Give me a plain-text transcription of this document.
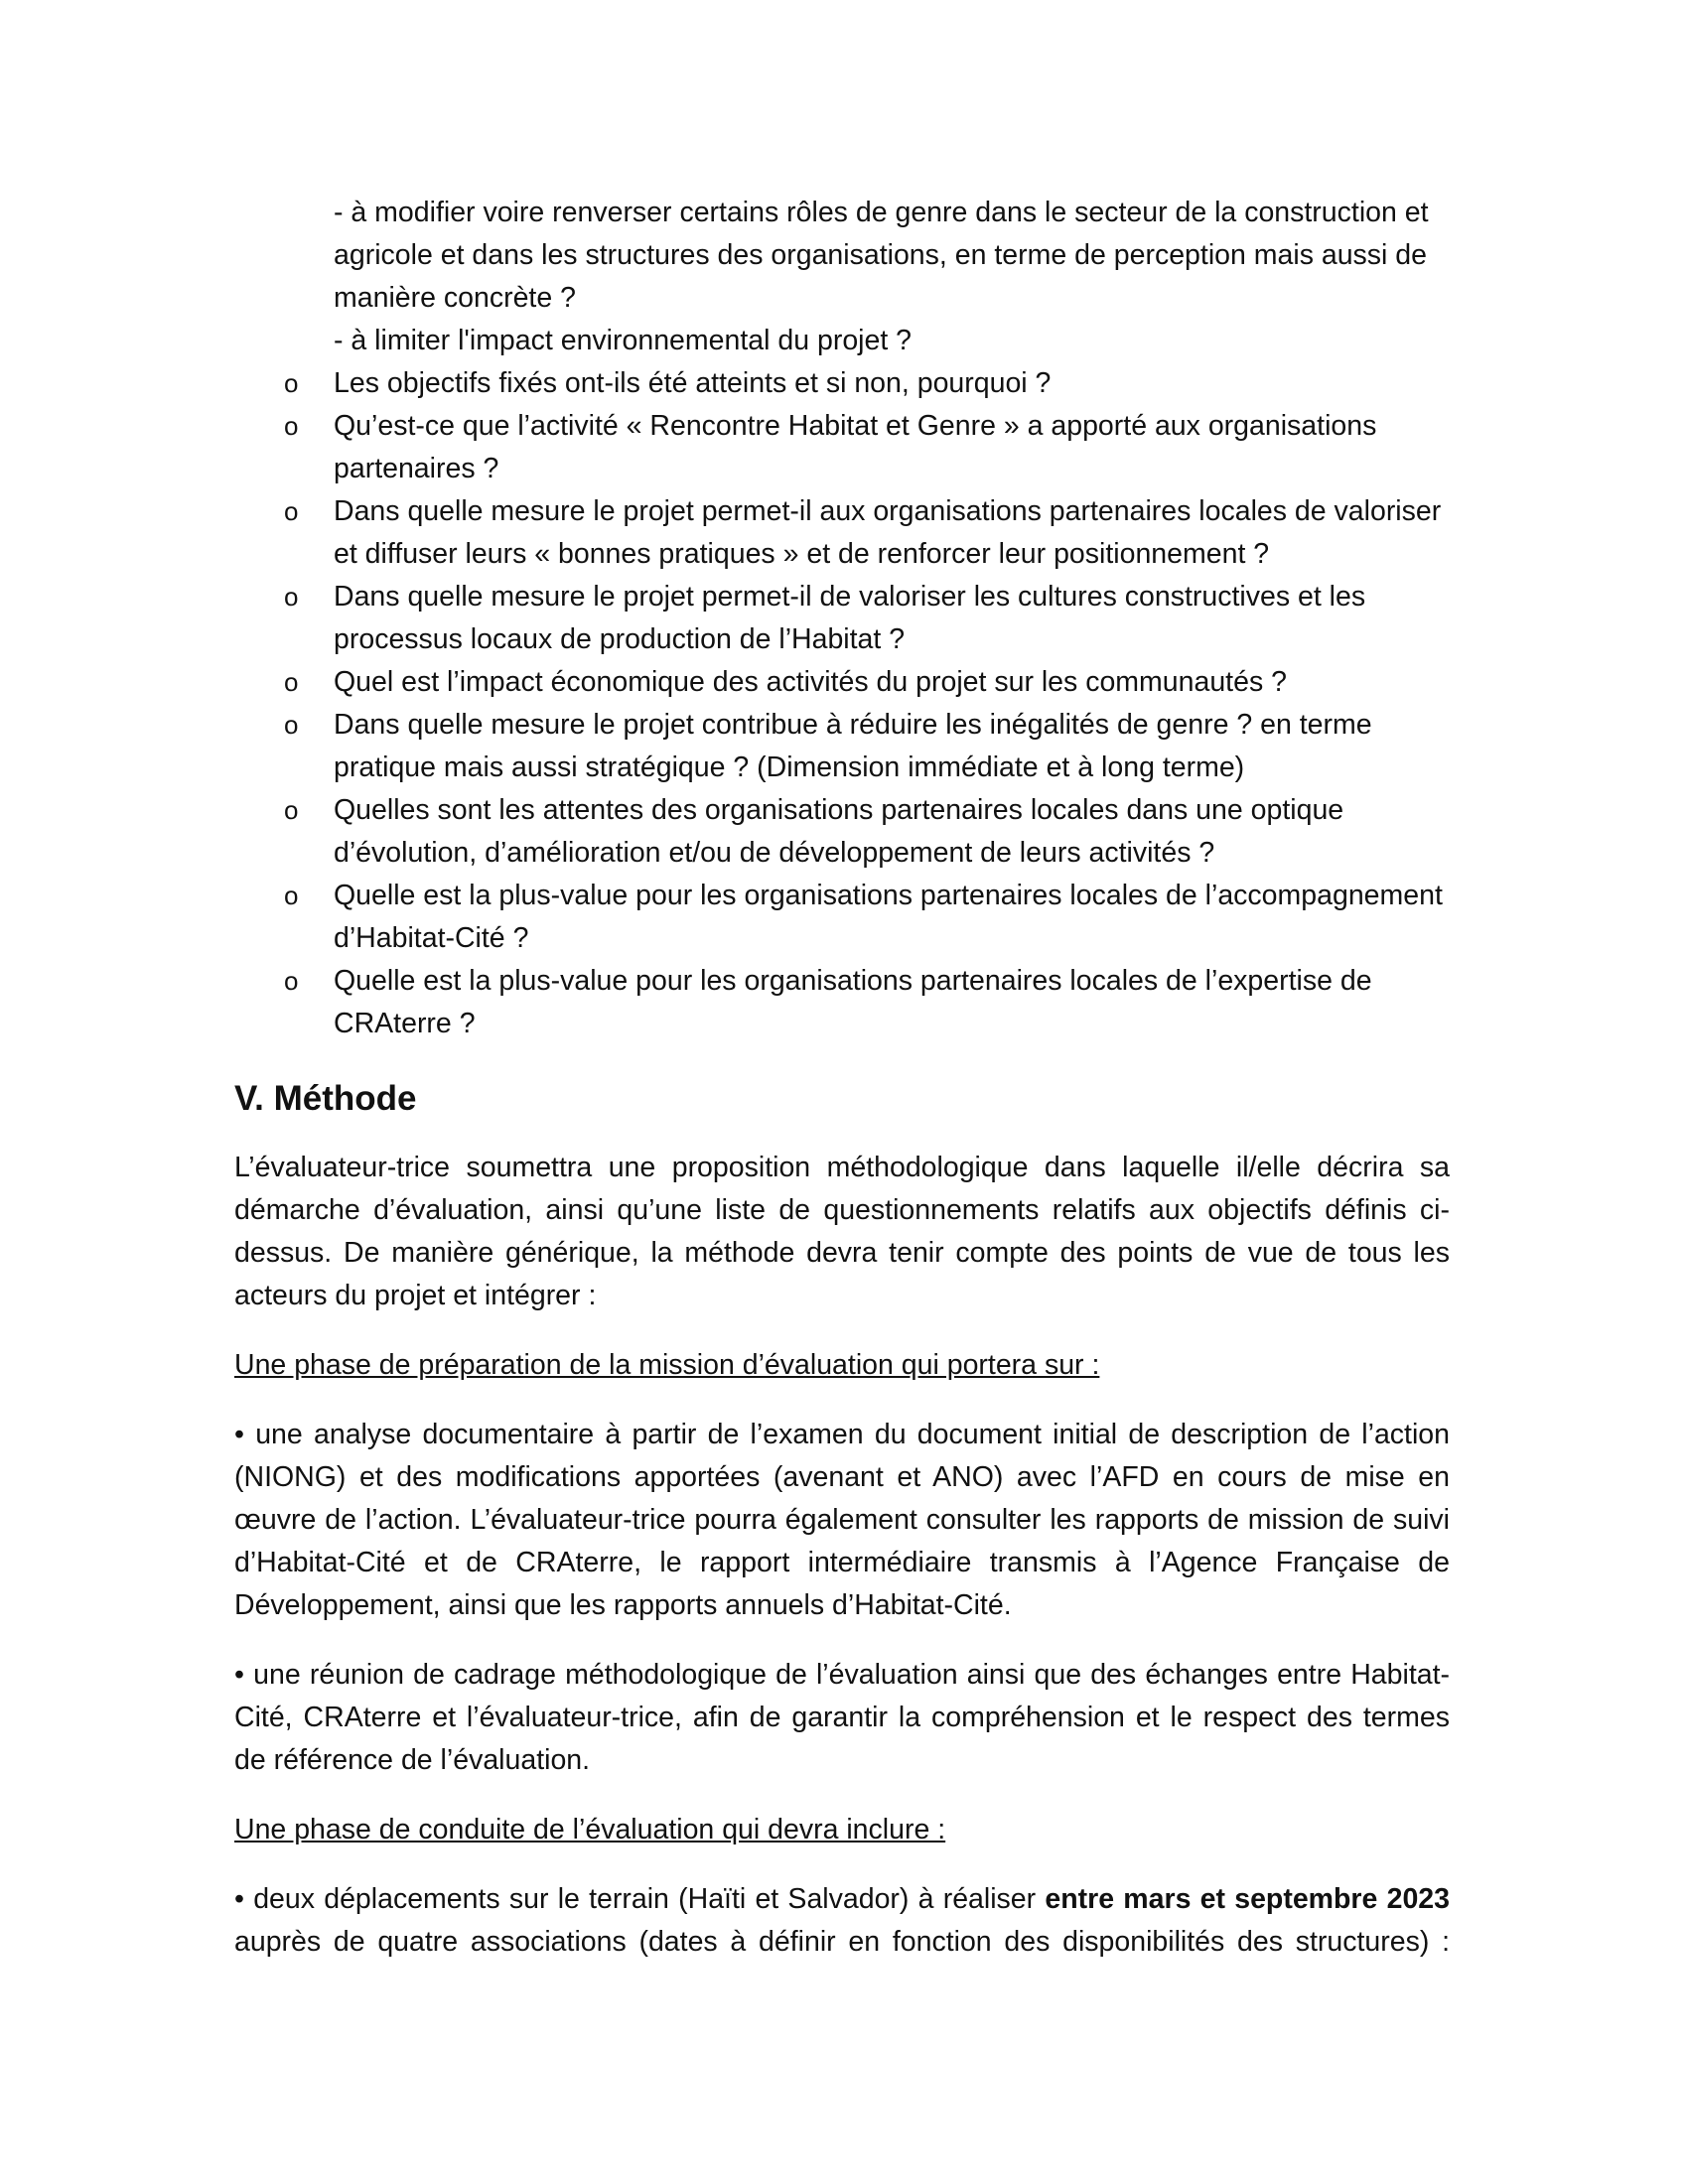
- à modifier voire renverser certains rôles de genre dans le secteur de la construction et agricole et dans les structures des organisations, en terme de perception mais aussi de manière concrète ?
- à limiter l'impact environnemental du projet ?
o Les objectifs fixés ont-ils été atteints et si non, pourquoi ?
o Qu’est-ce que l’activité « Rencontre Habitat et Genre » a apporté aux organisations partenaires ?
o Dans quelle mesure le projet permet-il aux organisations partenaires locales de valoriser et diffuser leurs « bonnes pratiques » et de renforcer leur positionnement ?
o Dans quelle mesure le projet permet-il de valoriser les cultures constructives et les processus locaux de production de l’Habitat ?
o Quel est l’impact économique des activités du projet sur les communautés ?
o Dans quelle mesure le projet contribue à réduire les inégalités de genre ? en terme pratique mais aussi stratégique ? (Dimension immédiate et à long terme)
o Quelles sont les attentes des organisations partenaires locales dans une optique d’évolution, d’amélioration et/ou de développement de leurs activités ?
o Quelle est la plus-value pour les organisations partenaires locales de l’accompagnement d’Habitat-Cité ?
o Quelle est la plus-value pour les organisations partenaires locales de l’expertise de CRAterre ?
V. Méthode

L’évaluateur-trice soumettra une proposition méthodologique dans laquelle il/elle décrira sa démarche d’évaluation, ainsi qu’une liste de questionnements relatifs aux objectifs définis ci-dessus. De manière générique, la méthode devra tenir compte des points de vue de tous les acteurs du projet et intégrer :

Une phase de préparation de la mission d’évaluation qui portera sur :

• une analyse documentaire à partir de l’examen du document initial de description de l’action (NIONG) et des modifications apportées (avenant et ANO) avec l’AFD en cours de mise en œuvre de l’action. L’évaluateur-trice pourra également consulter les rapports de mission de suivi d’Habitat-Cité et de CRAterre, le rapport intermédiaire transmis à l’Agence Française de Développement, ainsi que les rapports annuels d’Habitat-Cité.

• une réunion de cadrage méthodologique de l’évaluation ainsi que des échanges entre Habitat-Cité, CRAterre et l’évaluateur-trice, afin de garantir la compréhension et le respect des termes de référence de l’évaluation.

Une phase de conduite de l’évaluation qui devra inclure :

• deux déplacements sur le terrain (Haïti et Salvador) à réaliser entre mars et septembre 2023 auprès de quatre associations (dates à définir en fonction des disponibilités des structures) :
